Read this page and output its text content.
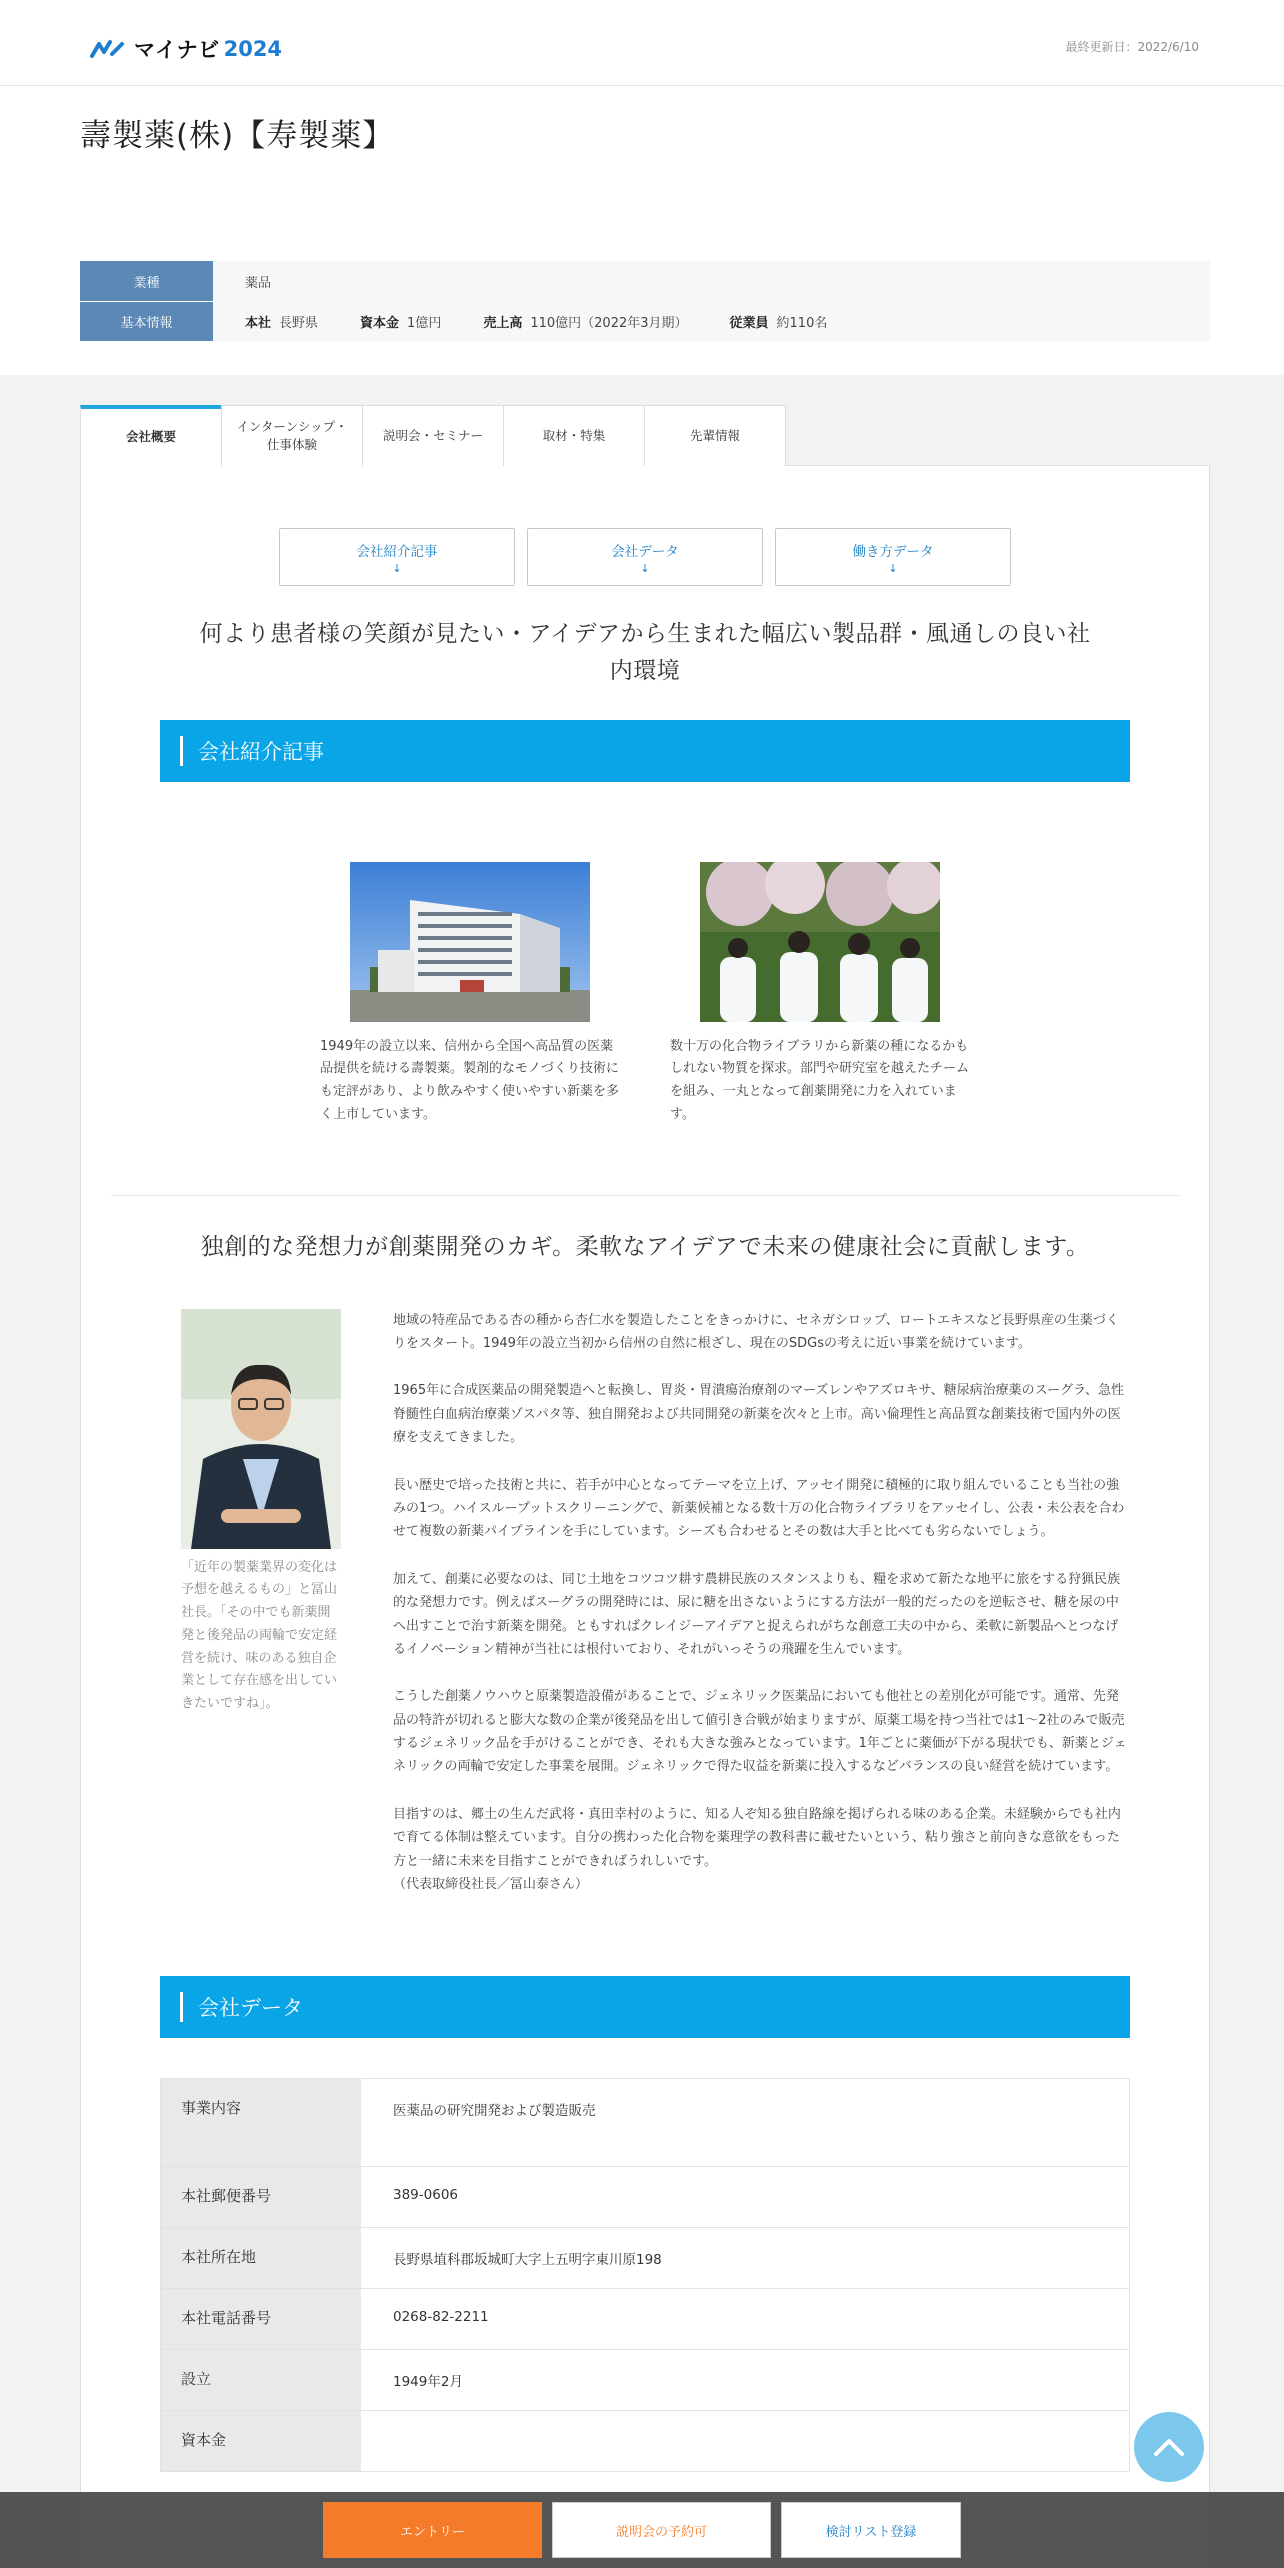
マイナビ 2024	最終更新日：2022/6/10
壽製薬(株)【寿製薬】
業種	薬品
基本情報	本社 長野県	資本金 1億円	売上高 110億円（2022年3月期）	従業員 約110名
会社概要
インターンシップ・
仕事体験
説明会・セミナー	取材・特集	先輩情報
会社紹介記事
↓
会社データ
↓
働き方データ
↓
何より患者様の笑顔が見たい・アイデアから生まれた幅広い製品群・風通しの良い社内環境
会社紹介記事

1949年の設立以来、信州から全国へ高品質の医薬品提供を続ける壽製薬。製剤的なモノづくり技術にも定評があり、より飲みやすく使いやすい新薬を多く上市しています。

数十万の化合物ライブラリから新薬の種になるかもしれない物質を探求。部門や研究室を越えたチームを組み、一丸となって創薬開発に力を入れています。

独創的な発想力が創薬開発のカギ。柔軟なアイデアで未来の健康社会に貢献します。

「近年の製薬業界の変化は予想を越えるもの」と冨山社長。「その中でも新薬開発と後発品の両輪で安定経営を続け、味のある独自企業として存在感を出していきたいですね」。

地域の特産品である杏の種から杏仁水を製造したことをきっかけに、セネガシロップ、ロートエキスなど長野県産の生薬づくりをスタート。1949年の設立当初から信州の自然に根ざし、現在のSDGsの考えに近い事業を続けています。

1965年に合成医薬品の開発製造へと転換し、胃炎・胃潰瘍治療剤のマーズレンやアズロキサ、糖尿病治療薬のスーグラ、急性脊髄性白血病治療薬ゾスパタ等、独自開発および共同開発の新薬を次々と上市。高い倫理性と高品質な創薬技術で国内外の医療を支えてきました。

長い歴史で培った技術と共に、若手が中心となってテーマを立上げ、アッセイ開発に積極的に取り組んでいることも当社の強みの1つ。ハイスループットスクリーニングで、新薬候補となる数十万の化合物ライブラリをアッセイし、公表・未公表を合わせて複数の新薬パイプラインを手にしています。シーズも合わせるとその数は大手と比べても劣らないでしょう。

加えて、創薬に必要なのは、同じ土地をコツコツ耕す農耕民族のスタンスよりも、糧を求めて新たな地平に旅をする狩猟民族的な発想力です。例えばスーグラの開発時には、尿に糖を出さないようにする方法が一般的だったのを逆転させ、糖を尿の中へ出すことで治す新薬を開発。ともすればクレイジーアイデアと捉えられがちな創意工夫の中から、柔軟に新製品へとつなげるイノベーション精神が当社には根付いており、それがいっそうの飛躍を生んでいます。

こうした創薬ノウハウと原薬製造設備があることで、ジェネリック医薬品においても他社との差別化が可能です。通常、先発品の特許が切れると膨大な数の企業が後発品を出して値引き合戦が始まりますが、原薬工場を持つ当社では1～2社のみで販売するジェネリック品を手がけることができ、それも大きな強みとなっています。1年ごとに薬価が下がる現状でも、新薬とジェネリックの両輪で安定した事業を展開。ジェネリックで得た収益を新薬に投入するなどバランスの良い経営を続けています。

目指すのは、郷土の生んだ武将・真田幸村のように、知る人ぞ知る独自路線を掲げられる味のある企業。未経験からでも社内で育てる体制は整えています。自分の携わった化合物を薬理学の教科書に載せたいという、粘り強さと前向きな意欲をもった方と一緒に未来を目指すことができればうれしいです。
（代表取締役社長／冨山泰さん）

会社データ
事業内容	医薬品の研究開発および製造販売
本社郵便番号	389-0606
本社所在地	長野県埴科郡坂城町大字上五明字東川原198
本社電話番号	0268-82-2211
設立	1949年2月
資本金
エントリー	説明会の予約可	検討リスト登録
